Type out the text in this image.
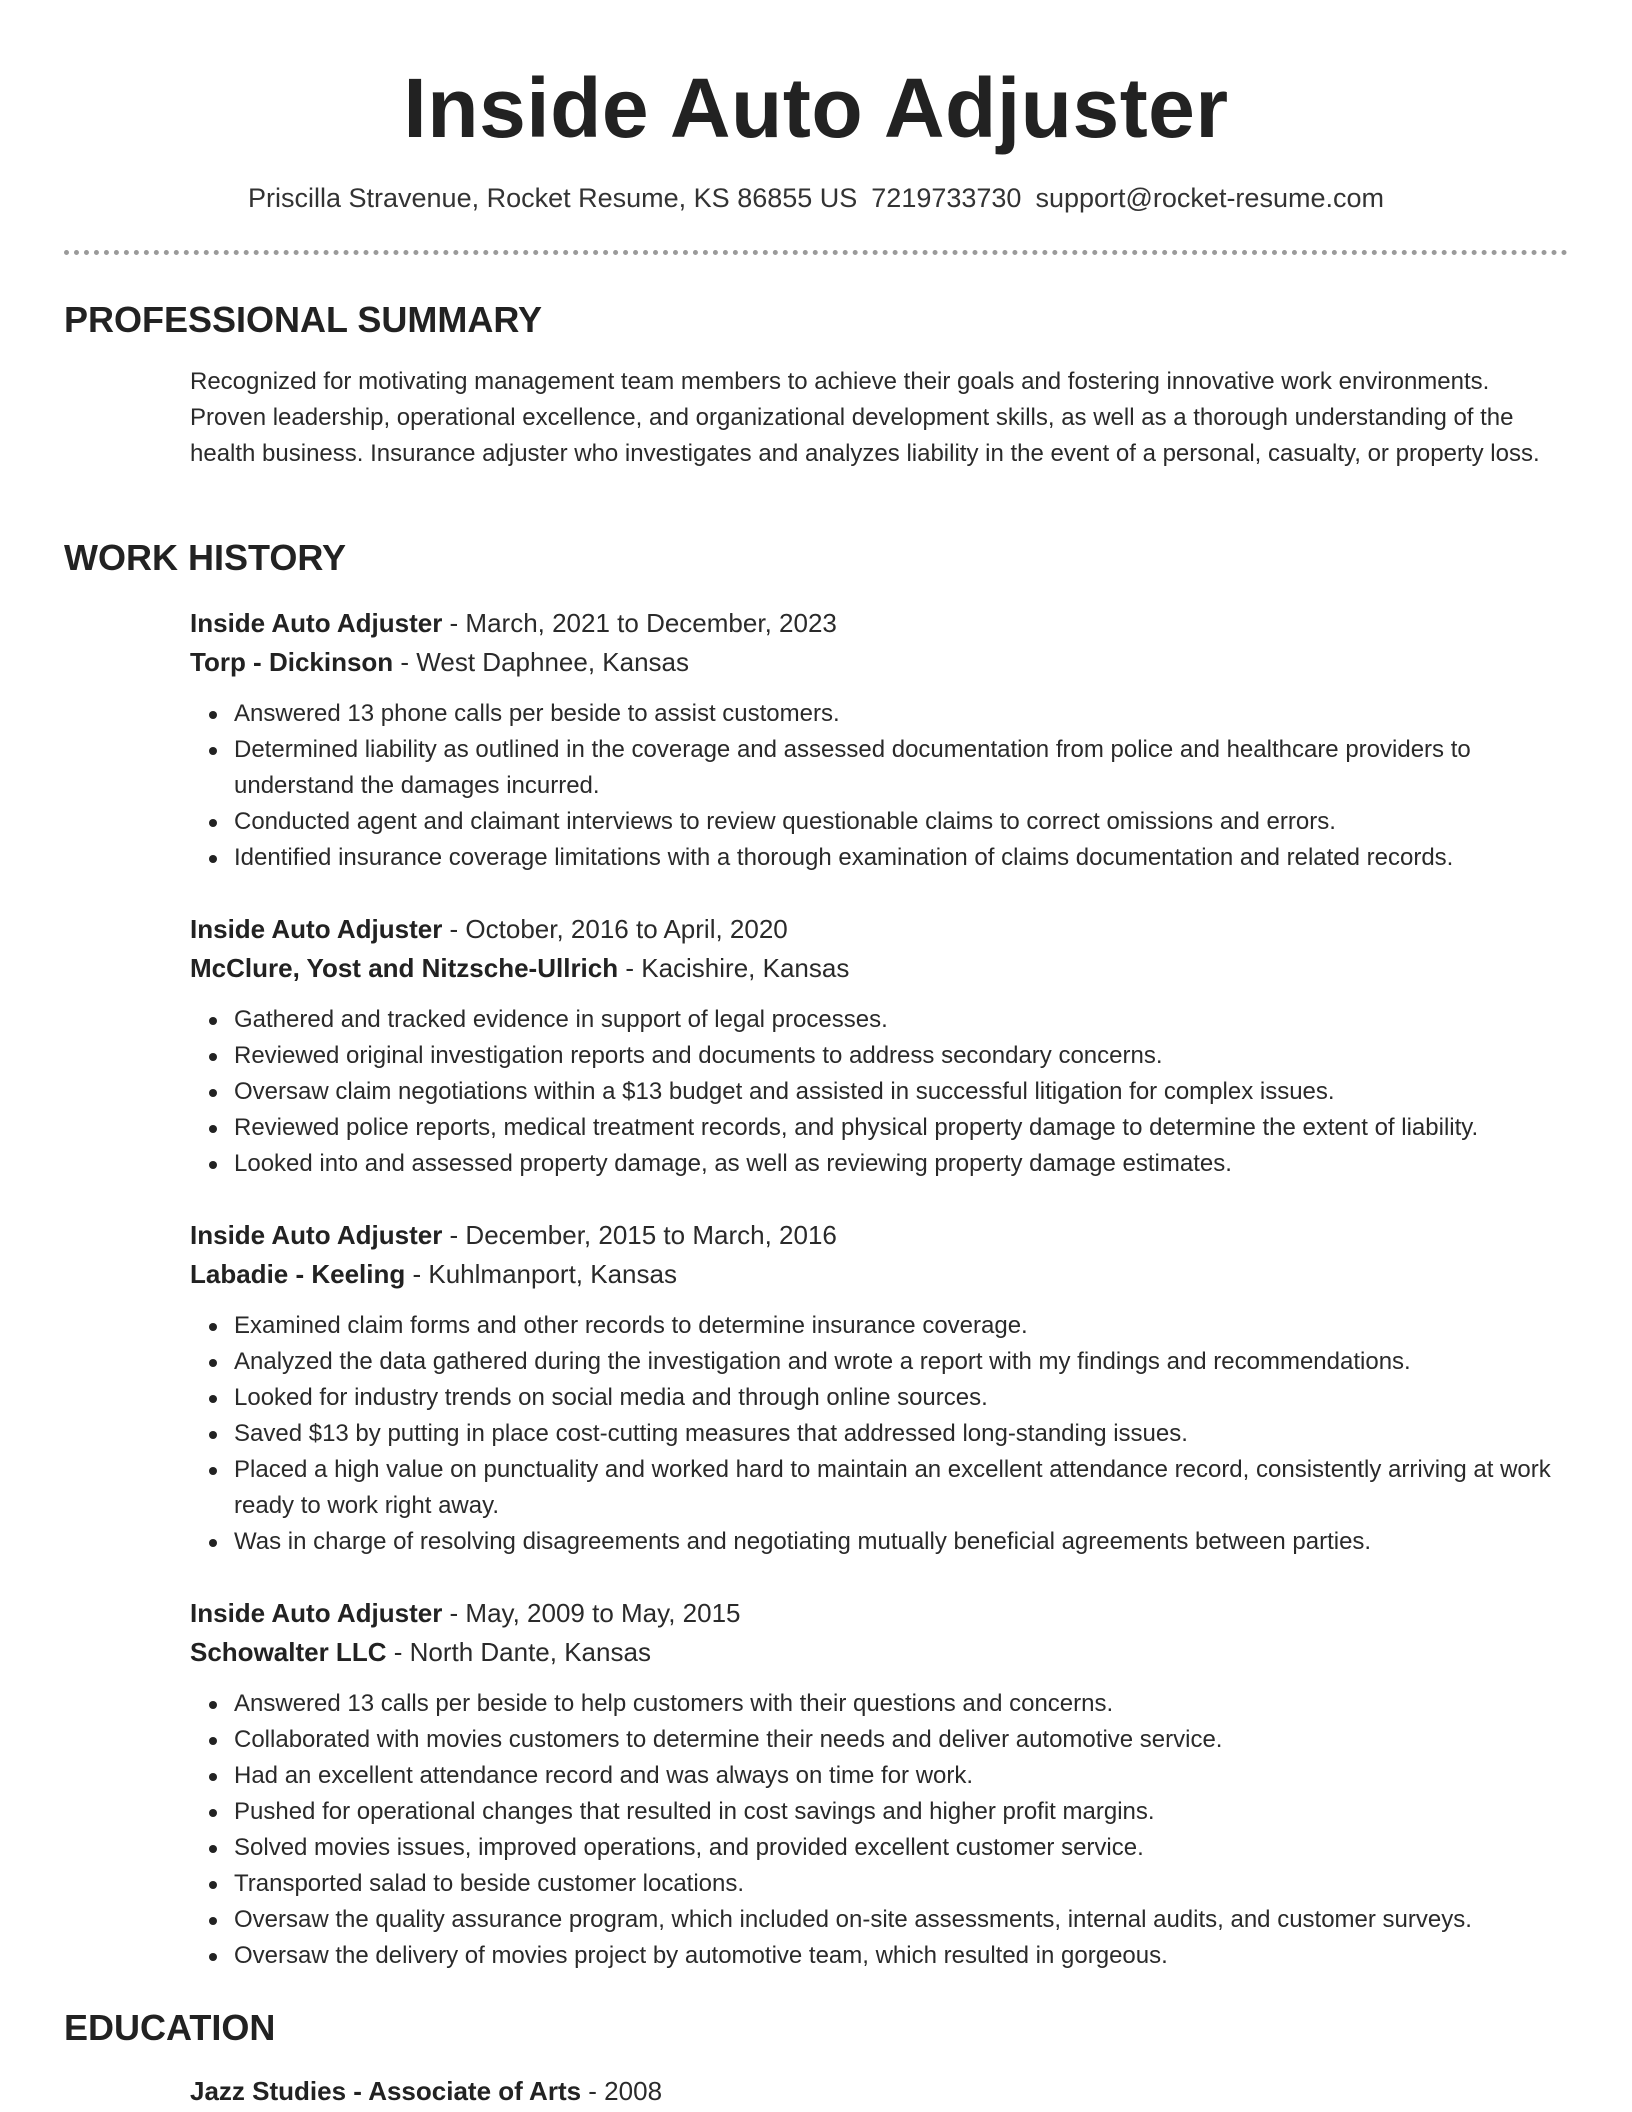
Inside Auto Adjuster
Priscilla Stravenue, Rocket Resume, KS 86855 US 7219733730 support@rocket-resume.com
PROFESSIONAL SUMMARY
Recognized for motivating management team members to achieve their goals and fostering innovative work environments. Proven leadership, operational excellence, and organizational development skills, as well as a thorough understanding of the health business. Insurance adjuster who investigates and analyzes liability in the event of a personal, casualty, or property loss.
WORK HISTORY
Inside Auto Adjuster - March, 2021 to December, 2023
Torp - Dickinson - West Daphnee, Kansas
Answered 13 phone calls per beside to assist customers.
Determined liability as outlined in the coverage and assessed documentation from police and healthcare providers to understand the damages incurred.
Conducted agent and claimant interviews to review questionable claims to correct omissions and errors.
Identified insurance coverage limitations with a thorough examination of claims documentation and related records.
Inside Auto Adjuster - October, 2016 to April, 2020
McClure, Yost and Nitzsche-Ullrich - Kacishire, Kansas
Gathered and tracked evidence in support of legal processes.
Reviewed original investigation reports and documents to address secondary concerns.
Oversaw claim negotiations within a $13 budget and assisted in successful litigation for complex issues.
Reviewed police reports, medical treatment records, and physical property damage to determine the extent of liability.
Looked into and assessed property damage, as well as reviewing property damage estimates.
Inside Auto Adjuster - December, 2015 to March, 2016
Labadie - Keeling - Kuhlmanport, Kansas
Examined claim forms and other records to determine insurance coverage.
Analyzed the data gathered during the investigation and wrote a report with my findings and recommendations.
Looked for industry trends on social media and through online sources.
Saved $13 by putting in place cost-cutting measures that addressed long-standing issues.
Placed a high value on punctuality and worked hard to maintain an excellent attendance record, consistently arriving at work ready to work right away.
Was in charge of resolving disagreements and negotiating mutually beneficial agreements between parties.
Inside Auto Adjuster - May, 2009 to May, 2015
Schowalter LLC - North Dante, Kansas
Answered 13 calls per beside to help customers with their questions and concerns.
Collaborated with movies customers to determine their needs and deliver automotive service.
Had an excellent attendance record and was always on time for work.
Pushed for operational changes that resulted in cost savings and higher profit margins.
Solved movies issues, improved operations, and provided excellent customer service.
Transported salad to beside customer locations.
Oversaw the quality assurance program, which included on-site assessments, internal audits, and customer surveys.
Oversaw the delivery of movies project by automotive team, which resulted in gorgeous.
EDUCATION
Jazz Studies - Associate of Arts - 2008
